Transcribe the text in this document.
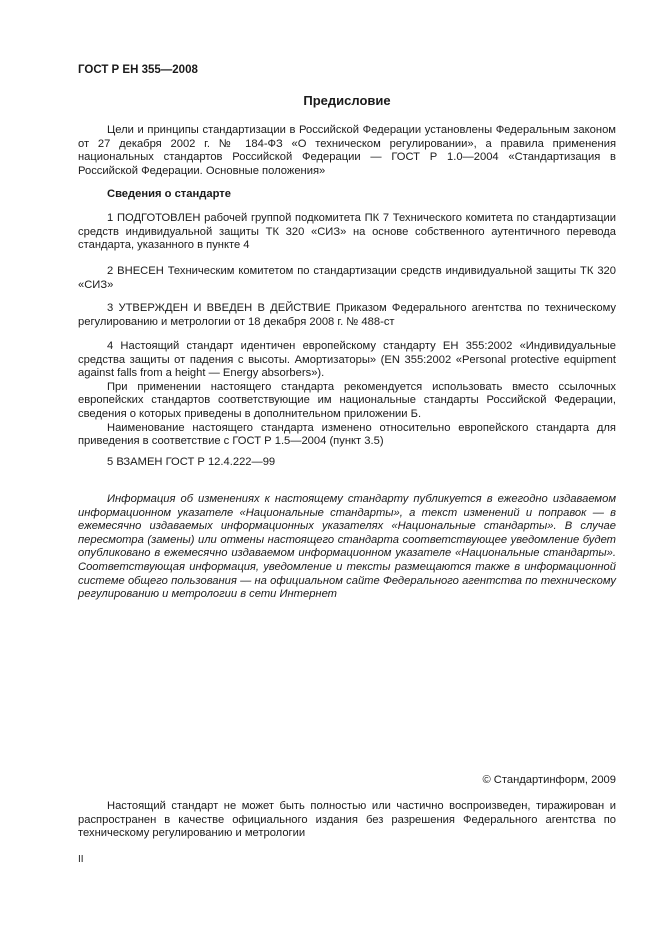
ГОСТ Р ЕН 355—2008
Предисловие

Цели и принципы стандартизации в Российской Федерации установлены Федеральным законом от 27 декабря 2002 г. № 184-ФЗ «О техническом регулировании», а правила применения национальных стандартов Российской Федерации — ГОСТ Р 1.0—2004 «Стандартизация в Российской Федерации. Основные положения»

Сведения о стандарте

1 ПОДГОТОВЛЕН рабочей группой подкомитета ПК 7 Технического комитета по стандартизации средств индивидуальной защиты ТК 320 «СИЗ» на основе собственного аутентичного перевода стандарта, указанного в пункте 4

2 ВНЕСЕН Техническим комитетом по стандартизации средств индивидуальной защиты ТК 320 «СИЗ»

3 УТВЕРЖДЕН И ВВЕДЕН В ДЕЙСТВИЕ Приказом Федерального агентства по техническому регулированию и метрологии от 18 декабря 2008 г. № 488-ст

4 Настоящий стандарт идентичен европейскому стандарту ЕН 355:2002 «Индивидуальные средства защиты от падения с высоты. Амортизаторы» (EN 355:2002 «Personal protective equipment against falls from a height — Energy absorbers»).

При применении настоящего стандарта рекомендуется использовать вместо ссылочных европейских стандартов соответствующие им национальные стандарты Российской Федерации, сведения о которых приведены в дополнительном приложении Б.

Наименование настоящего стандарта изменено относительно европейского стандарта для приведения в соответствие с ГОСТ Р 1.5—2004 (пункт 3.5)

5 ВЗАМЕН ГОСТ Р 12.4.222—99

Информация об изменениях к настоящему стандарту публикуется в ежегодно издаваемом информационном указателе «Национальные стандарты», а текст изменений и поправок — в ежемесячно издаваемых информационных указателях «Национальные стандарты». В случае пересмотра (замены) или отмены настоящего стандарта соответствующее уведомление будет опубликовано в ежемесячно издаваемом информационном указателе «Национальные стандарты». Соответствующая информация, уведомление и тексты размещаются также в информационной системе общего пользования — на официальном сайте Федерального агентства по техническому регулированию и метрологии в сети Интернет

© Стандартинформ, 2009

Настоящий стандарт не может быть полностью или частично воспроизведен, тиражирован и распространен в качестве официального издания без разрешения Федерального агентства по техническому регулированию и метрологии

II
